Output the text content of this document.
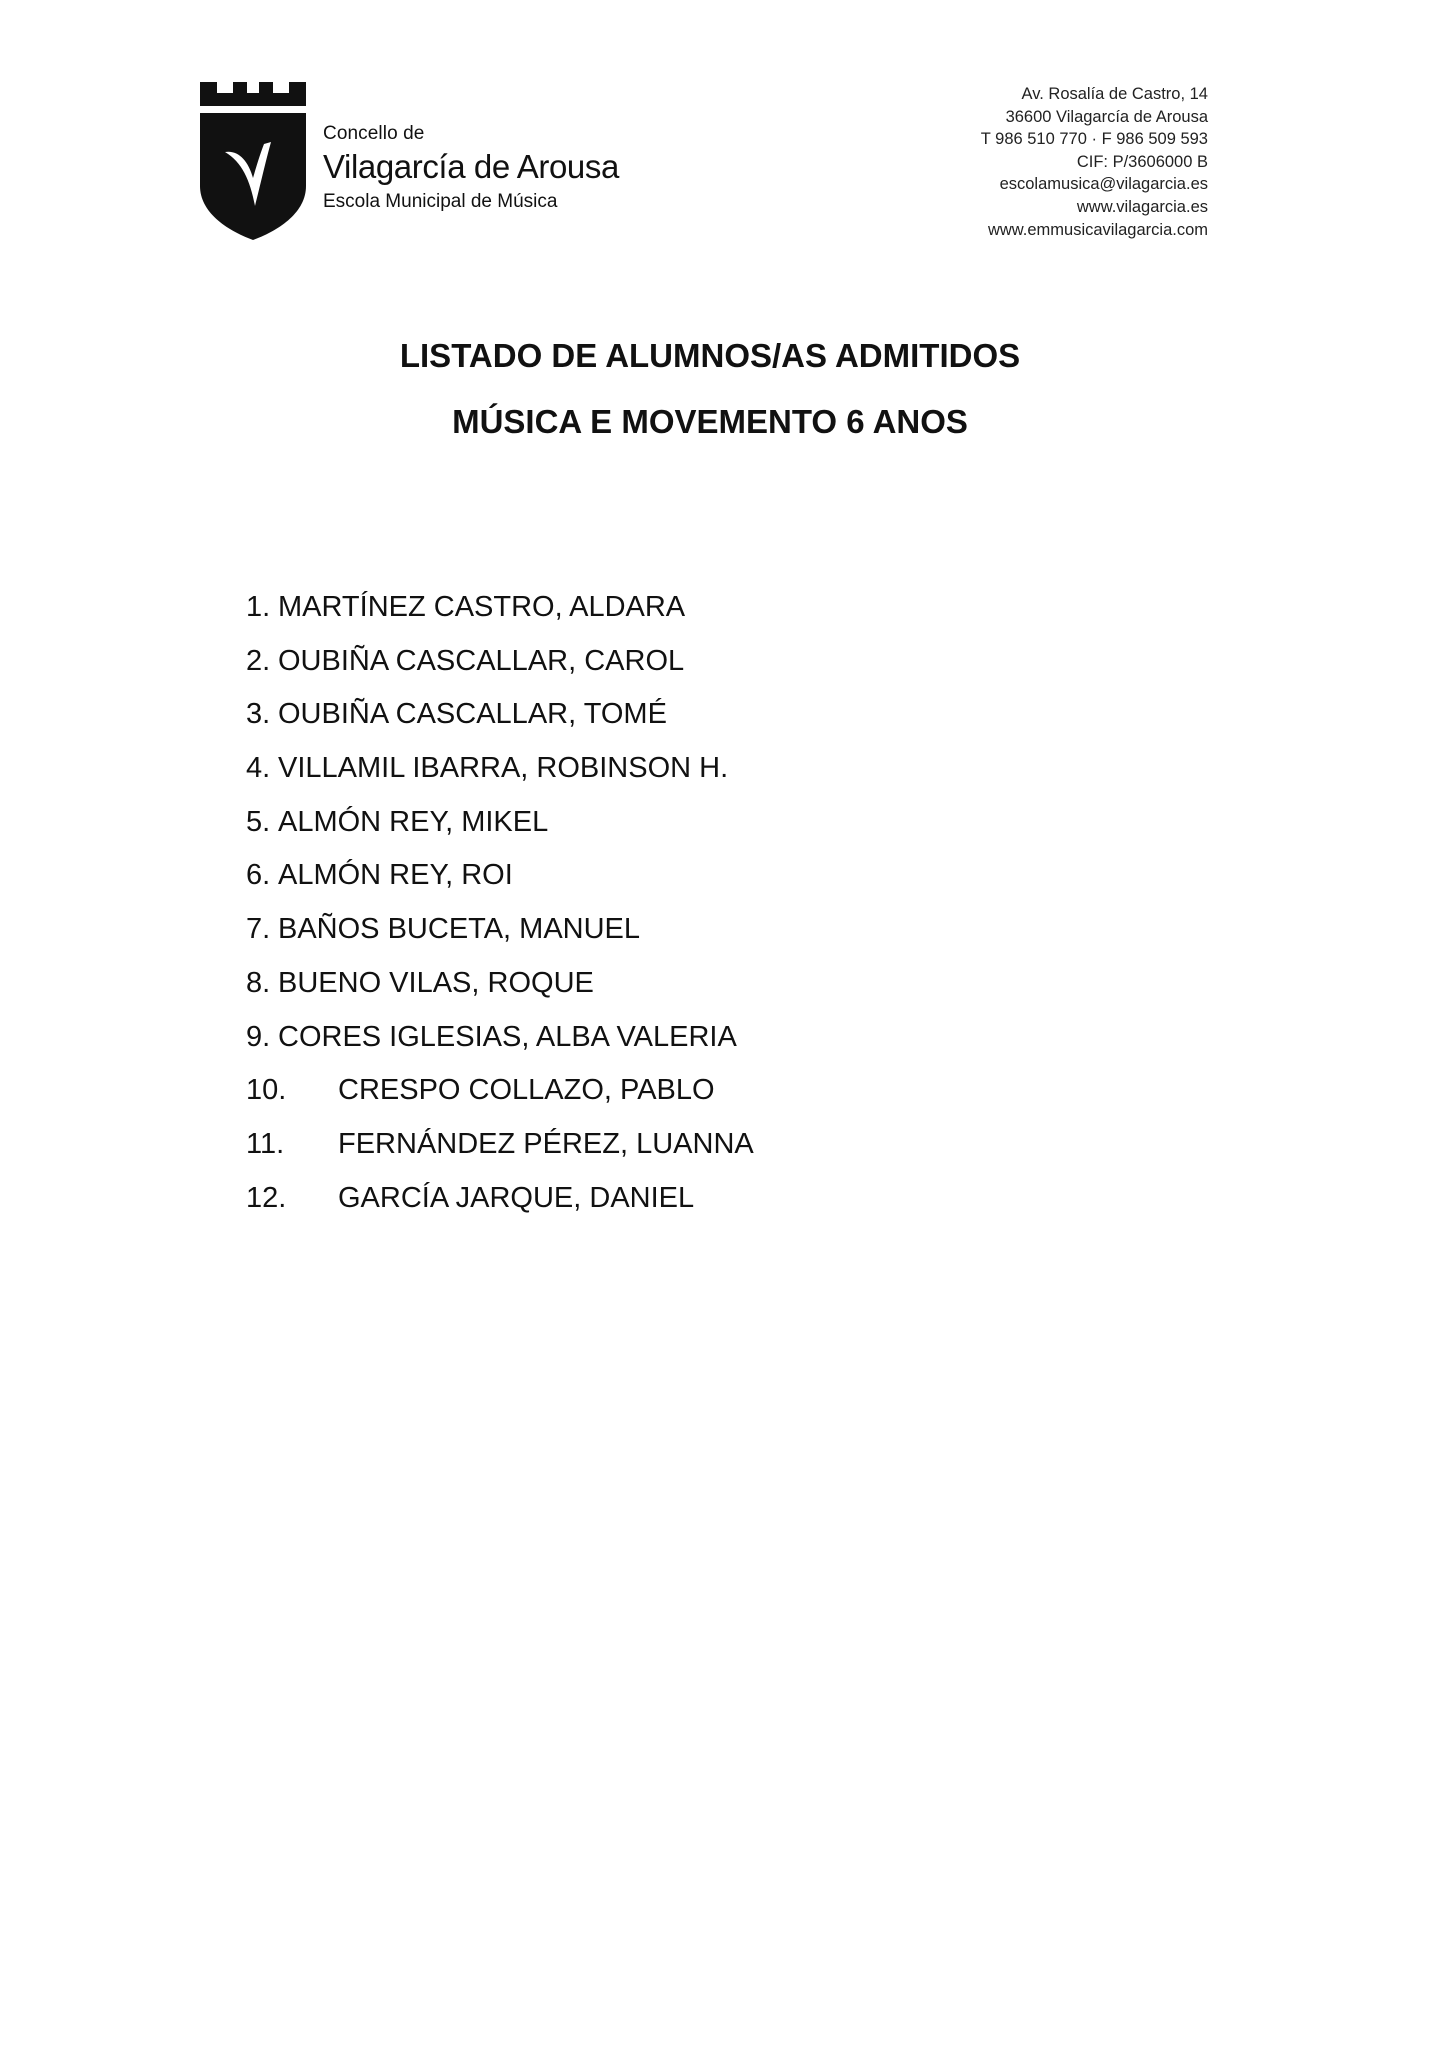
Concello de
Vilagarcía de Arousa
Escola Municipal de Música
Av. Rosalía de Castro, 14
36600 Vilagarcía de Arousa
T 986 510 770 · F 986 509 593
CIF: P/3606000 B
escolamusica@vilagarcia.es
www.vilagarcia.es
www.emmusicavilagarcia.com
LISTADO DE ALUMNOS/AS ADMITIDOS
MÚSICA E MOVEMENTO 6 ANOS
1. MARTÍNEZ CASTRO, ALDARA
2. OUBIÑA CASCALLAR, CAROL
3. OUBIÑA CASCALLAR, TOMÉ
4. VILLAMIL IBARRA, ROBINSON H.
5. ALMÓN REY, MIKEL
6. ALMÓN REY, ROI
7. BAÑOS BUCETA, MANUEL
8. BUENO VILAS, ROQUE
9. CORES IGLESIAS, ALBA VALERIA
10. CRESPO COLLAZO, PABLO
11. FERNÁNDEZ PÉREZ, LUANNA
12. GARCÍA JARQUE, DANIEL
